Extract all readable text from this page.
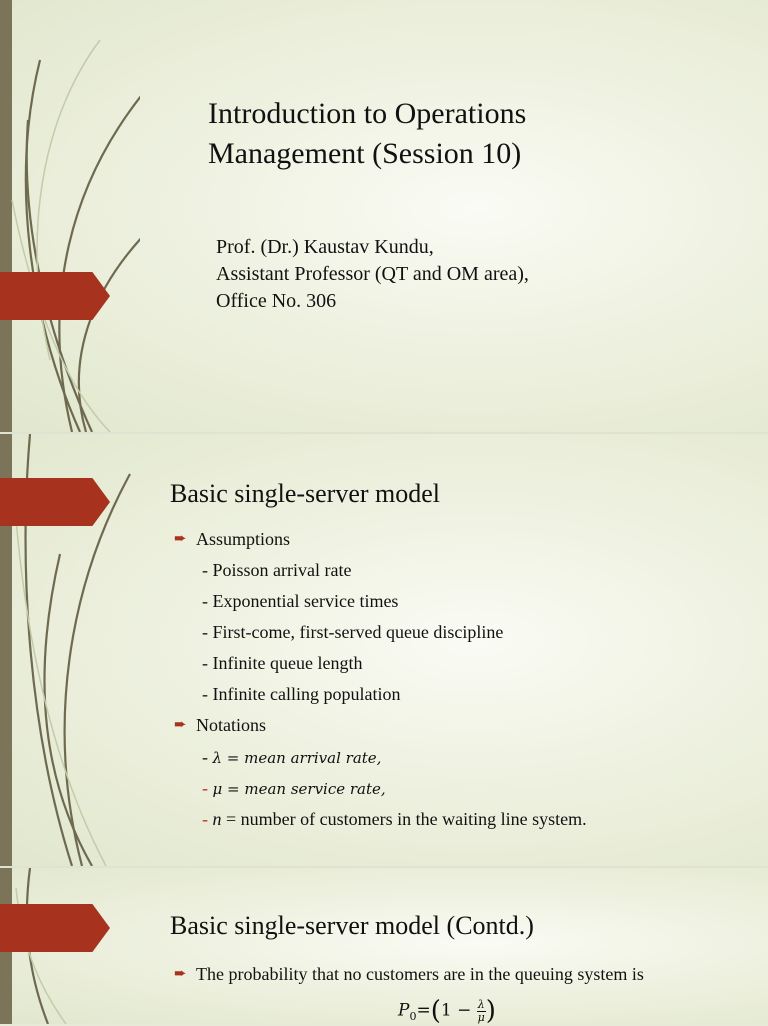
Introduction to Operations
Management (Session 10)
Prof. (Dr.) Kaustav Kundu,
Assistant Professor (QT and OM area),
Office No. 306
Basic single-server model
➨ Assumptions
- Poisson arrival rate
- Exponential service times
- First-come, first-served queue discipline
- Infinite queue length
- Infinite calling population
➨ Notations
- λ = mean arrival rate,
- μ = mean service rate,
- n = number of customers in the waiting line system.
Basic single-server model (Contd.)
➨ The probability that no customers are in the queuing system is
$P_0=(1 - \frac{\lambda}{\mu}$ )
